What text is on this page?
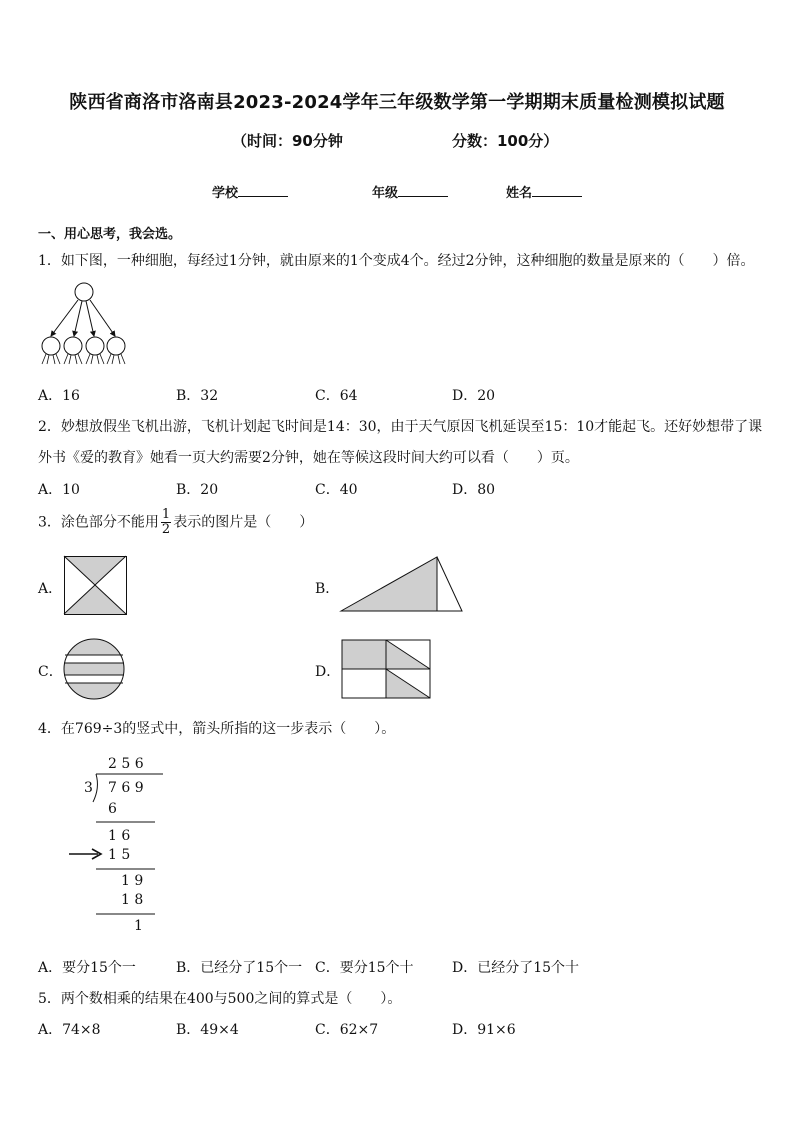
陕西省商洛市洛南县2023-2024学年三年级数学第一学期期末质量检测模拟试题
（时间：90分钟	分数：100分）
学校	年级	姓名
一、用心思考，我会选。
1．如下图，一种细胞，每经过1分钟，就由原来的1个变成4个。经过2分钟，这种细胞的数量是原来的（　　）倍。
A．16	B．32	C．64	D．20
2．妙想放假坐飞机出游，飞机计划起飞时间是14：30，由于天气原因飞机延误至15：10才能起飞。还好妙想带了课
外书《爱的教育》她看一页大约需要2分钟，她在等候这段时间大约可以看（　　）页。
A．10	B．20	C．40	D．80
3．涂色部分不能用 $\frac{1}{2}$ 表示的图片是（　　）
A．	B．
C．	D．
4．在769÷3的竖式中，箭头所指的这一步表示（　　）。
2 5 6
3 7 6 9
6
1 6
1 5
1 9
1 8
1
A．要分15个一	B．已经分了15个一 C．要分15个十	D．已经分了15个十
5．两个数相乘的结果在400与500之间的算式是（　　）。
A．74×8	B．49×4	C．62×7	D．91×6
